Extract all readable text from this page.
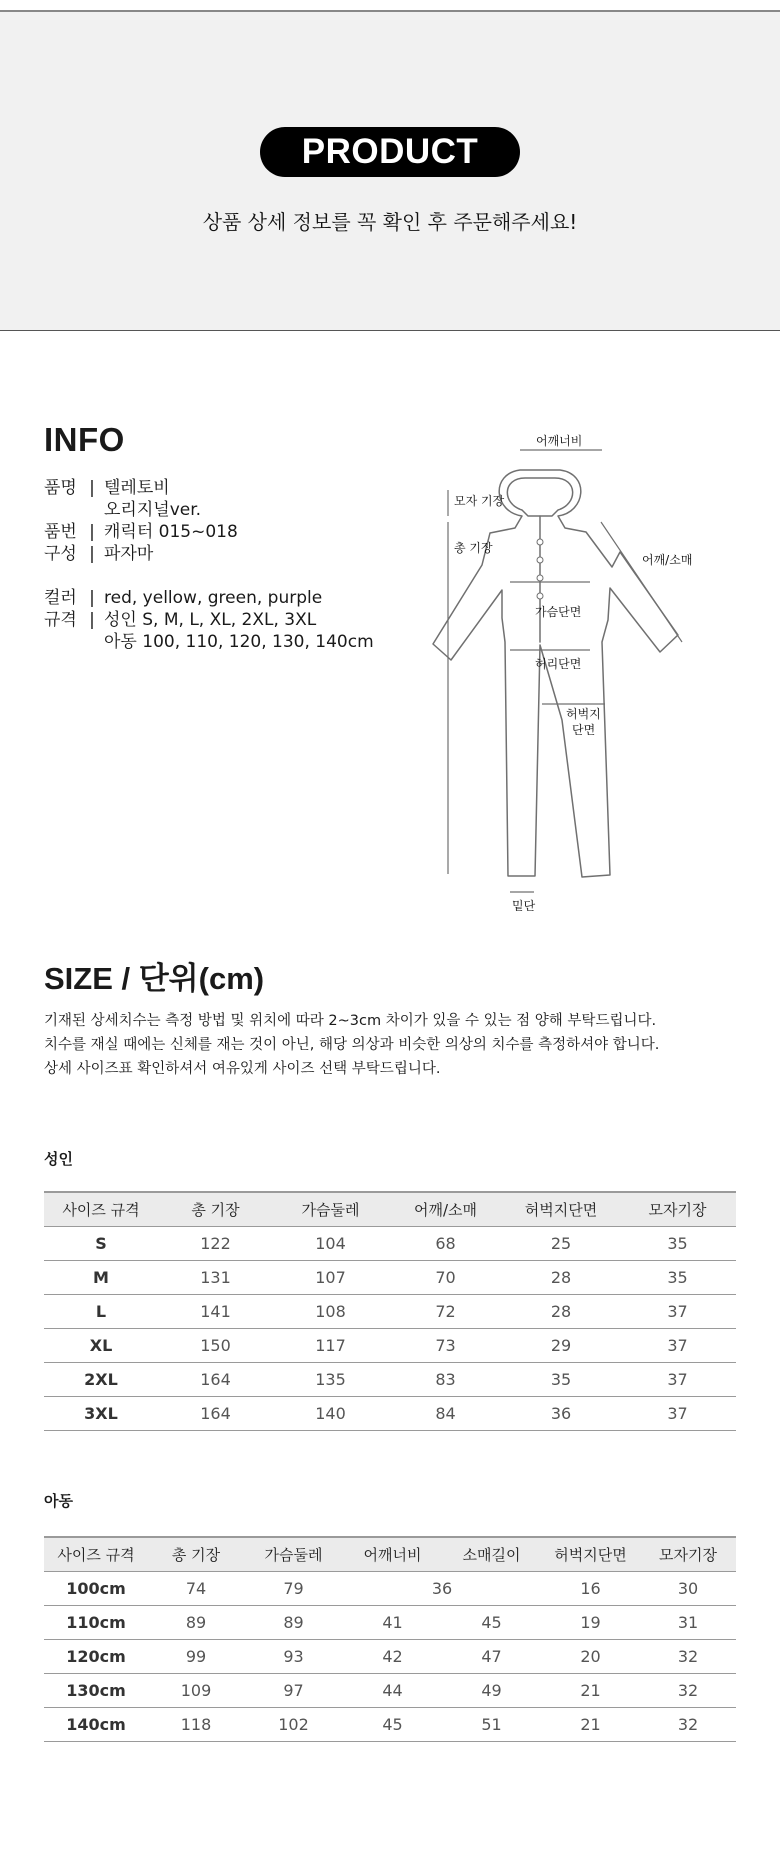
PRODUCT
상품 상세 정보를 꼭 확인 후 주문해주세요!
INFO
품명 | 텔레토비
오리지널ver.
품번 | 캐릭터 015~018
구성 | 파자마
컬러 | red, yellow, green, purple
규격 | 성인 S, M, L, XL, 2XL, 3XL
아동 100, 110, 120, 130, 140cm
어깨너비
모자 기장
총 기장
어깨/소매
가슴단면
허리단면
허벅지
단면
밑단
SIZE / 단위(cm)
기재된 상세치수는 측정 방법 및 위치에 따라 2~3cm 차이가 있을 수 있는 점 양해 부탁드립니다.
치수를 재실 때에는 신체를 재는 것이 아닌, 해당 의상과 비슷한 의상의 치수를 측정하셔야 합니다.
상세 사이즈표 확인하셔서 여유있게 사이즈 선택 부탁드립니다.
성인
사이즈 규격	총 기장	가슴둘레	어깨/소매	허벅지단면	모자기장
S	122	104	68	25	35
M	131	107	70	28	35
L	141	108	72	28	37
XL	150	117	73	29	37
2XL	164	135	83	35	37
3XL	164	140	84	36	37
아동
사이즈 규격	총 기장	가슴둘레	어깨너비	소매길이	허벅지단면	모자기장
100cm	74	79	36		16	30
110cm	89	89	41	45	19	31
120cm	99	93	42	47	20	32
130cm	109	97	44	49	21	32
140cm	118	102	45	51	21	32
